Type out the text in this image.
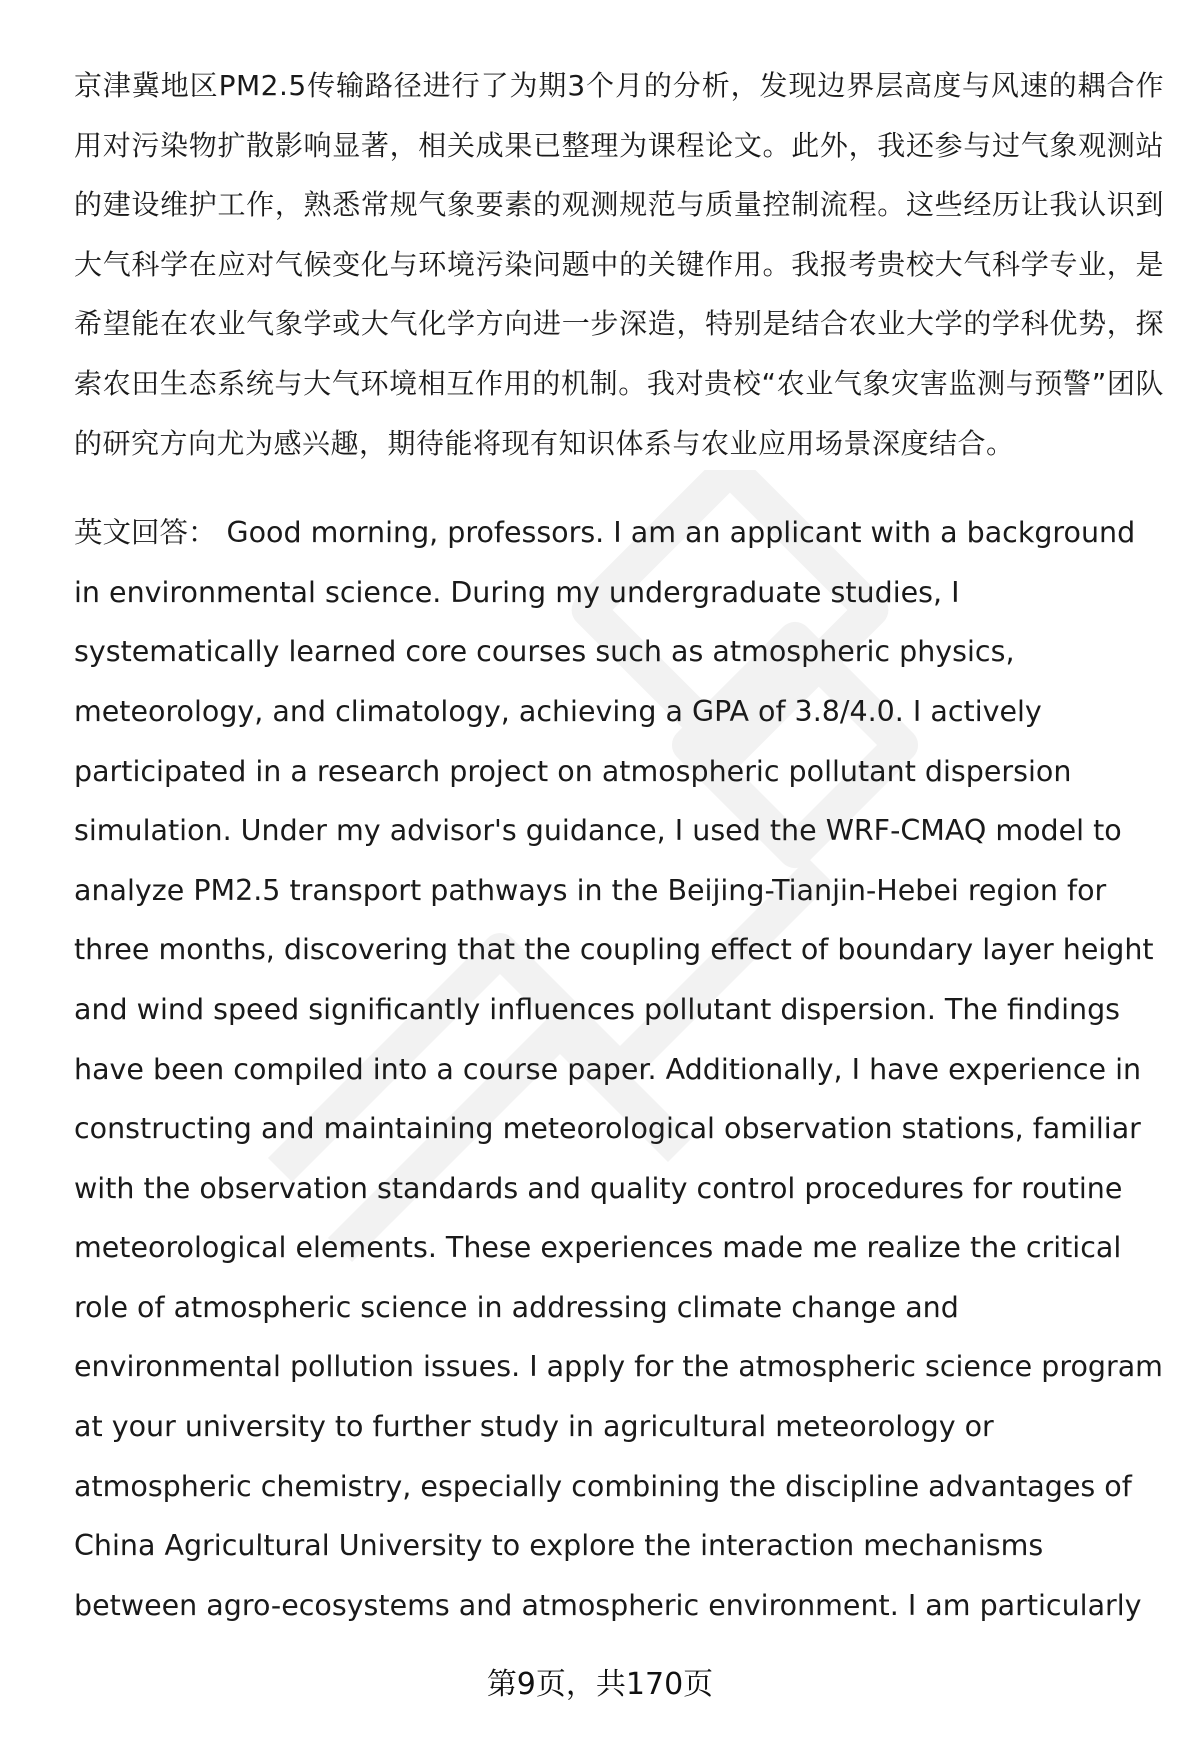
京津冀地区PM2.5传输路径进行了为期3个月的分析，发现边界层高度与风速的耦合作用对污染物扩散影响显著，相关成果已整理为课程论文。此外，我还参与过气象观测站的建设维护工作，熟悉常规气象要素的观测规范与质量控制流程。这些经历让我认识到大气科学在应对气候变化与环境污染问题中的关键作用。我报考贵校大气科学专业，是希望能在农业气象学或大气化学方向进一步深造，特别是结合农业大学的学科优势，探索农田生态系统与大气环境相互作用的机制。我对贵校“农业气象灾害监测与预警”团队的研究方向尤为感兴趣，期待能将现有知识体系与农业应用场景深度结合。

英文回答： Good morning, professors. I am an applicant with a background in environmental science. During my undergraduate studies, I systematically learned core courses such as atmospheric physics, meteorology, and climatology, achieving a GPA of 3.8/4.0. I actively participated in a research project on atmospheric pollutant dispersion simulation. Under my advisor's guidance, I used the WRF-CMAQ model to analyze PM2.5 transport pathways in the Beijing-Tianjin-Hebei region for three months, discovering that the coupling effect of boundary layer height and wind speed significantly influences pollutant dispersion. The findings have been compiled into a course paper. Additionally, I have experience in constructing and maintaining meteorological observation stations, familiar with the observation standards and quality control procedures for routine meteorological elements. These experiences made me realize the critical role of atmospheric science in addressing climate change and environmental pollution issues. I apply for the atmospheric science program at your university to further study in agricultural meteorology or atmospheric chemistry, especially combining the discipline advantages of China Agricultural University to explore the interaction mechanisms between agro-ecosystems and atmospheric environment. I am particularly

第9页，共170页
